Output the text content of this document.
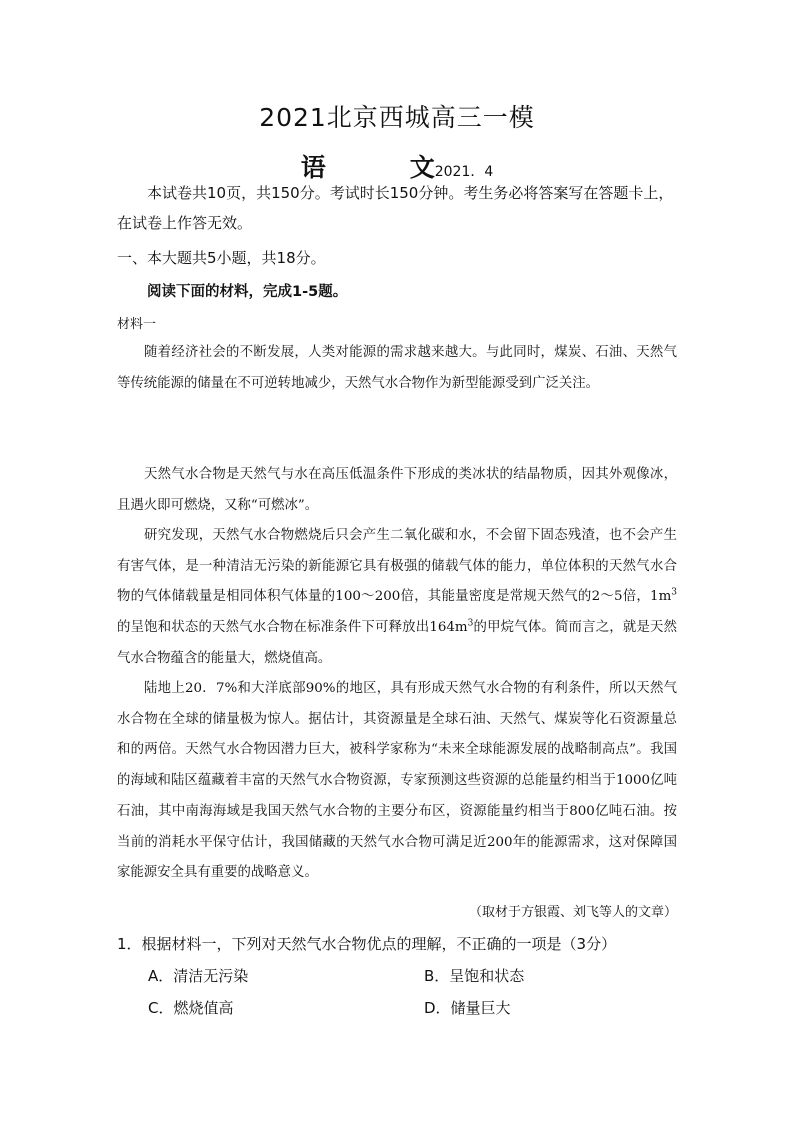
2021北京西城高三一模
语	文2021．4
本试卷共10页，共150分。考试时长150分钟。考生务必将答案写在答题卡上，在试卷上作答无效。
一、本大题共5小题，共18分。
阅读下面的材料，完成1-5题。
材料一
随着经济社会的不断发展，人类对能源的需求越来越大。与此同时，煤炭、石油、天然气等传统能源的储量在不可逆转地减少，天然气水合物作为新型能源受到广泛关注。
天然气水合物是天然气与水在高压低温条件下形成的类冰状的结晶物质，因其外观像冰，且遇火即可燃烧，又称“可燃冰”。
研究发现，天然气水合物燃烧后只会产生二氧化碳和水，不会留下固态残渣，也不会产生有害气体，是一种清洁无污染的新能源它具有极强的储载气体的能力，单位体积的天然气水合物的气体储载量是相同体积气体量的100～200倍，其能量密度是常规天然气的2～5倍，$1m^3$的呈饱和状态的天然气水合物在标准条件下可释放出$164m^3$的甲烷气体。简而言之，就是天然气水合物蕴含的能量大，燃烧值高。
陆地上20．7%和大洋底部90%的地区，具有形成天然气水合物的有利条件，所以天然气水合物在全球的储量极为惊人。据估计，其资源量是全球石油、天然气、煤炭等化石资源量总和的两倍。天然气水合物因潜力巨大，被科学家称为“未来全球能源发展的战略制高点”。我国的海域和陆区蕴藏着丰富的天然气水合物资源，专家预测这些资源的总能量约相当于1000亿吨石油，其中南海海域是我国天然气水合物的主要分布区，资源能量约相当于800亿吨石油。按当前的消耗水平保守估计，我国储藏的天然气水合物可满足近200年的能源需求，这对保障国家能源安全具有重要的战略意义。
（取材于方银霞、刘飞等人的文章）
1．根据材料一，下列对天然气水合物优点的理解，不正确的一项是（3分）
A．清洁无污染	B．呈饱和状态
C．燃烧值高	D．储量巨大
